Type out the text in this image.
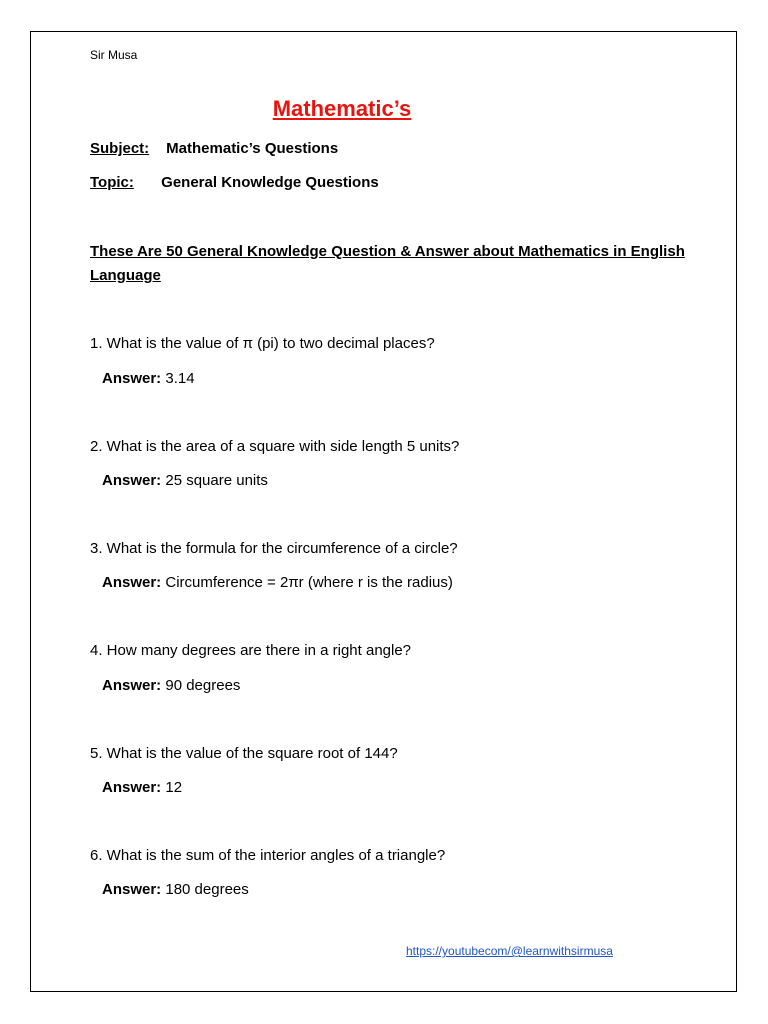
Sir Musa
Mathematic’s
Subject: Mathematic’s Questions
Topic: General Knowledge Questions
These Are 50 General Knowledge Question & Answer about Mathematics in English Language
1. What is the value of π (pi) to two decimal places?
Answer: 3.14
2. What is the area of a square with side length 5 units?
Answer: 25 square units
3. What is the formula for the circumference of a circle?
Answer: Circumference = 2πr (where r is the radius)
4. How many degrees are there in a right angle?
Answer: 90 degrees
5. What is the value of the square root of 144?
Answer: 12
6. What is the sum of the interior angles of a triangle?
Answer: 180 degrees
https://youtubecom/@learnwithsirmusa
